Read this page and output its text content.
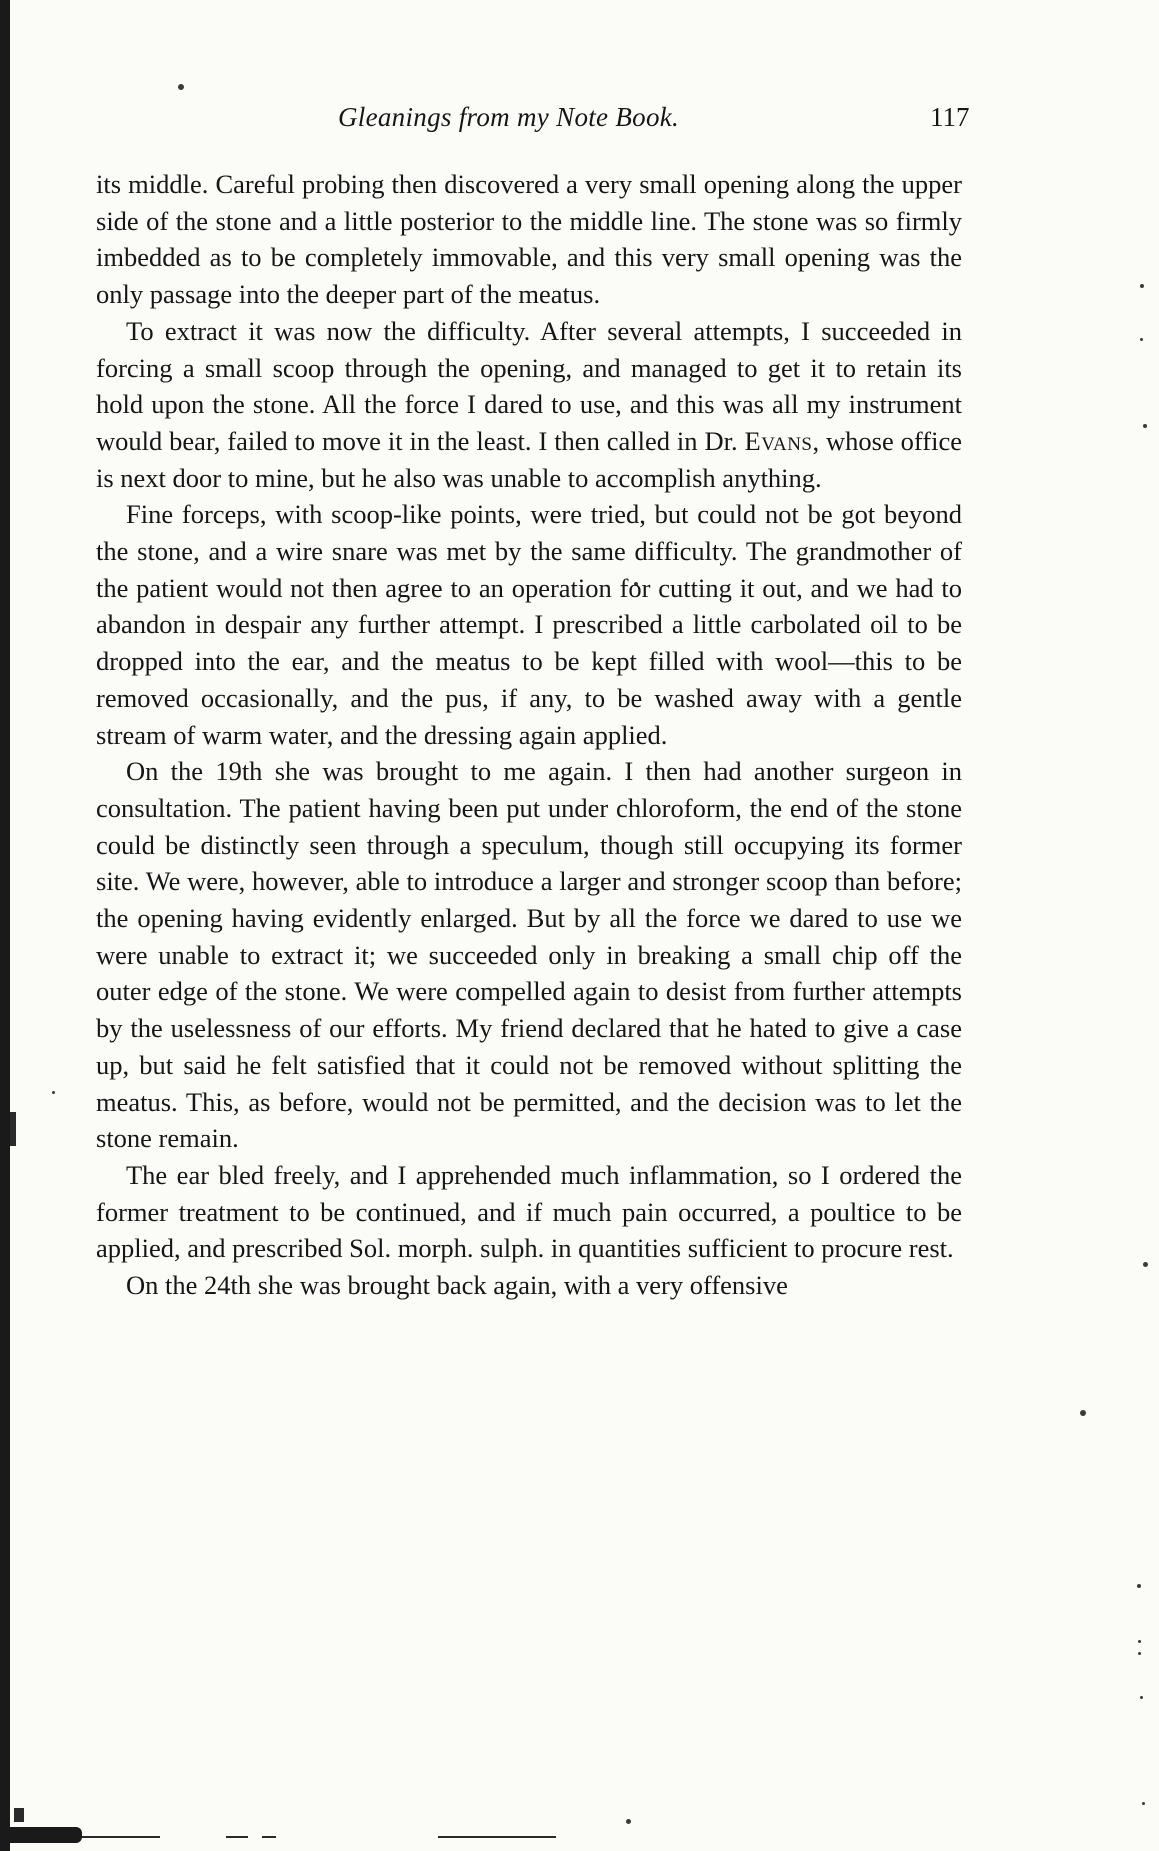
Gleanings from my Note Book.	117

its middle. Careful probing then discovered a very small opening along the upper side of the stone and a little posterior to the middle line. The stone was so firmly imbedded as to be completely immovable, and this very small opening was the only passage into the deeper part of the meatus.

To extract it was now the difficulty. After several attempts, I succeeded in forcing a small scoop through the opening, and managed to get it to retain its hold upon the stone. All the force I dared to use, and this was all my instrument would bear, failed to move it in the least. I then called in Dr. Evans, whose office is next door to mine, but he also was unable to accomplish anything.

Fine forceps, with scoop-like points, were tried, but could not be got beyond the stone, and a wire snare was met by the same difficulty. The grandmother of the patient would not then agree to an operation for cutting it out, and we had to abandon in despair any further attempt. I prescribed a little carbolated oil to be dropped into the ear, and the meatus to be kept filled with wool—this to be removed occasionally, and the pus, if any, to be washed away with a gentle stream of warm water, and the dressing again applied.

On the 19th she was brought to me again. I then had another surgeon in consultation. The patient having been put under chloroform, the end of the stone could be distinctly seen through a speculum, though still occupying its former site. We were, however, able to introduce a larger and stronger scoop than before; the opening having evidently enlarged. But by all the force we dared to use we were unable to extract it; we succeeded only in breaking a small chip off the outer edge of the stone. We were compelled again to desist from further attempts by the uselessness of our efforts. My friend declared that he hated to give a case up, but said he felt satisfied that it could not be removed without splitting the meatus. This, as before, would not be permitted, and the decision was to let the stone remain.

The ear bled freely, and I apprehended much inflammation, so I ordered the former treatment to be continued, and if much pain occurred, a poultice to be applied, and prescribed Sol. morph. sulph. in quantities sufficient to procure rest.

On the 24th she was brought back again, with a very offensive
